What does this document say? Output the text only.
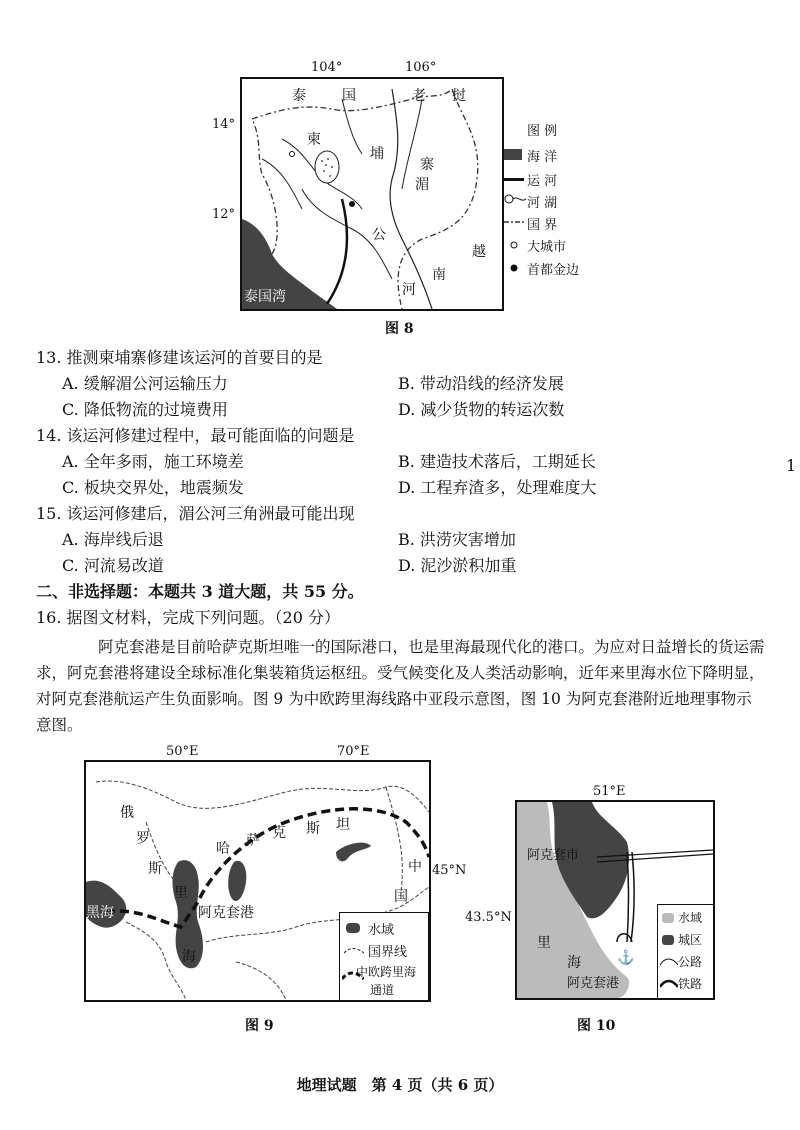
104°	106°
14°
12°
泰	国	老 挝
柬
埔
寨
湄
公
河
越
南
泰国湾
图 例
海 洋
运 河
河 湖
国 界
大城市
首都金边
图 8
13. 推测柬埔寨修建该运河的首要目的是
A. 缓解湄公河运输压力	B. 带动沿线的经济发展
C. 降低物流的过境费用	D. 减少货物的转运次数
14. 该运河修建过程中，最可能面临的问题是
A. 全年多雨，施工环境差	B. 建造技术落后，工期延长
C. 板块交界处，地震频发	D. 工程弃渣多，处理难度大
1
15. 该运河修建后，湄公河三角洲最可能出现
A. 海岸线后退	B. 洪涝灾害增加
C. 河流易改道	D. 泥沙淤积加重
二、非选择题：本题共 3 道大题，共 55 分。
16. 据图文材料，完成下列问题。（20 分）
阿克套港是目前哈萨克斯坦唯一的国际港口，也是里海最现代化的港口。为应对日益增长的货运需求，阿克套港将建设全球标准化集装箱货运枢纽。受气候变化及人类活动影响，近年来里海水位下降明显，对阿克套港航运产生负面影响。图 9 为中欧跨里海线路中亚段示意图，图 10 为阿克套港附近地理事物示意图。
50°E	70°E
45°N
俄
罗
斯
哈 萨 克 斯 坦
中
国
里
海
黑海	阿克套港
水域
国界线
中欧跨里海
通道
图 9
51°E
43.5°N
阿克套市
里
海
阿克套港
⚓
水域
城区
公路
铁路
图 10
地理试题　第 4 页（共 6 页）
